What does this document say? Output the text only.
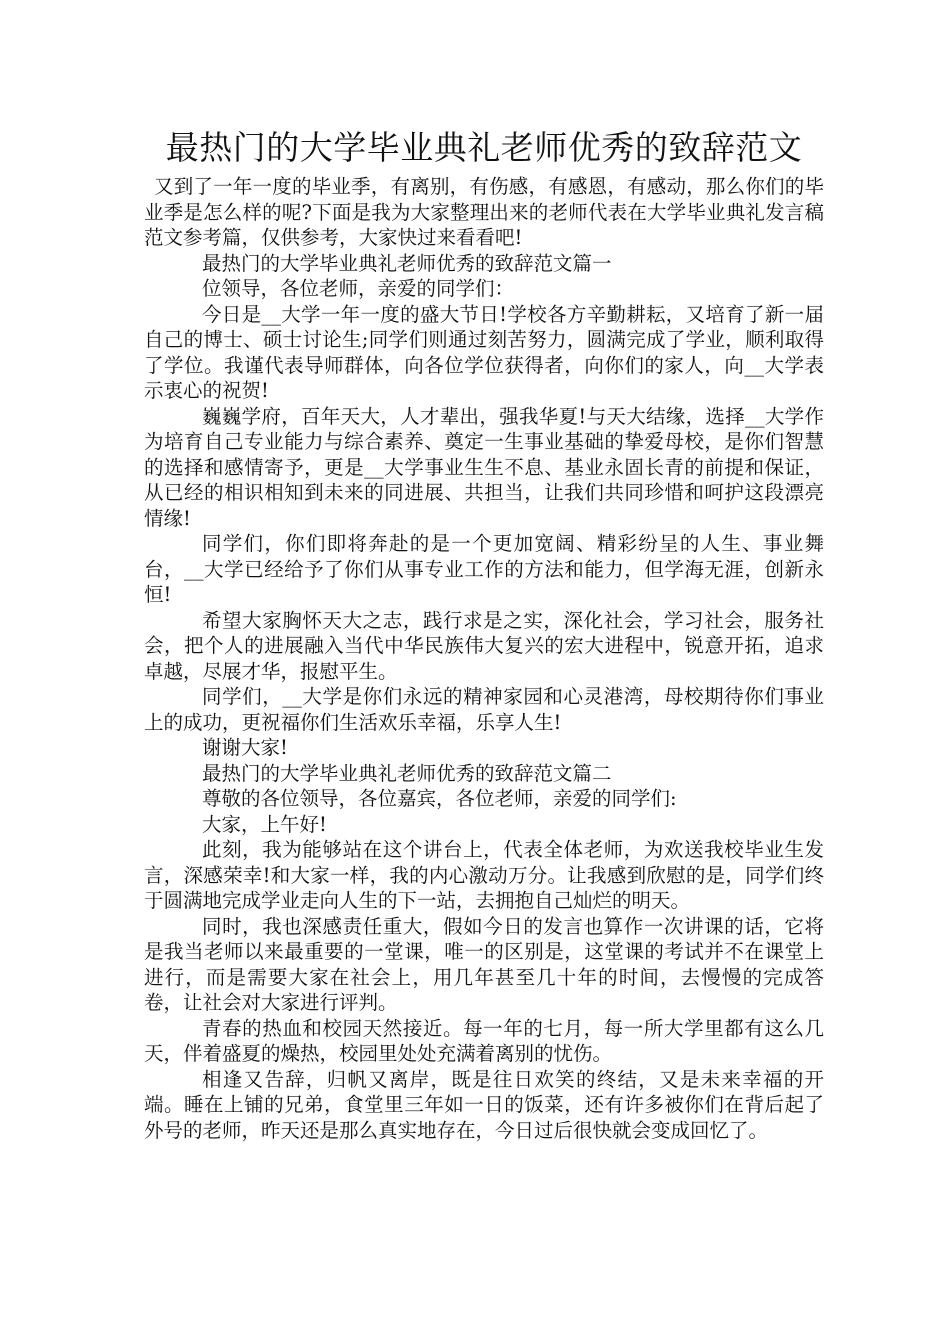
最热门的大学毕业典礼老师优秀的致辞范文

又到了一年一度的毕业季，有离别，有伤感，有感恩，有感动，那么你们的毕业季是怎么样的呢?下面是我为大家整理出来的老师代表在大学毕业典礼发言稿范文参考篇，仅供参考，大家快过来看看吧!

最热门的大学毕业典礼老师优秀的致辞范文篇一

位领导，各位老师，亲爱的同学们：

今日是__大学一年一度的盛大节日!学校各方辛勤耕耘，又培育了新一届自己的博士、硕士讨论生;同学们则通过刻苦努力，圆满完成了学业，顺利取得了学位。我谨代表导师群体，向各位学位获得者，向你们的家人，向__大学表示衷心的祝贺!

巍巍学府，百年天大，人才辈出，强我华夏!与天大结缘，选择__大学作为培育自己专业能力与综合素养、奠定一生事业基础的挚爱母校，是你们智慧的选择和感情寄予，更是__大学事业生生不息、基业永固长青的前提和保证，从已经的相识相知到未来的同进展、共担当，让我们共同珍惜和呵护这段漂亮情缘!

同学们，你们即将奔赴的是一个更加宽阔、精彩纷呈的人生、事业舞台，__大学已经给予了你们从事专业工作的方法和能力，但学海无涯，创新永恒!

希望大家胸怀天大之志，践行求是之实，深化社会，学习社会，服务社会，把个人的进展融入当代中华民族伟大复兴的宏大进程中，锐意开拓，追求卓越，尽展才华，报慰平生。

同学们，__大学是你们永远的精神家园和心灵港湾，母校期待你们事业上的成功，更祝福你们生活欢乐幸福，乐享人生!

谢谢大家!

最热门的大学毕业典礼老师优秀的致辞范文篇二

尊敬的各位领导，各位嘉宾，各位老师，亲爱的同学们:

大家，上午好!

此刻，我为能够站在这个讲台上，代表全体老师，为欢送我校毕业生发言，深感荣幸!和大家一样，我的内心激动万分。让我感到欣慰的是，同学们终于圆满地完成学业走向人生的下一站，去拥抱自己灿烂的明天。

同时，我也深感责任重大，假如今日的发言也算作一次讲课的话，它将是我当老师以来最重要的一堂课，唯一的区别是，这堂课的考试并不在课堂上进行，而是需要大家在社会上，用几年甚至几十年的时间，去慢慢的完成答卷，让社会对大家进行评判。

青春的热血和校园天然接近。每一年的七月，每一所大学里都有这么几天，伴着盛夏的燥热，校园里处处充满着离别的忧伤。

相逢又告辞，归帆又离岸，既是往日欢笑的终结，又是未来幸福的开端。睡在上铺的兄弟，食堂里三年如一日的饭菜，还有许多被你们在背后起了外号的老师，昨天还是那么真实地存在，今日过后很快就会变成回忆了。
